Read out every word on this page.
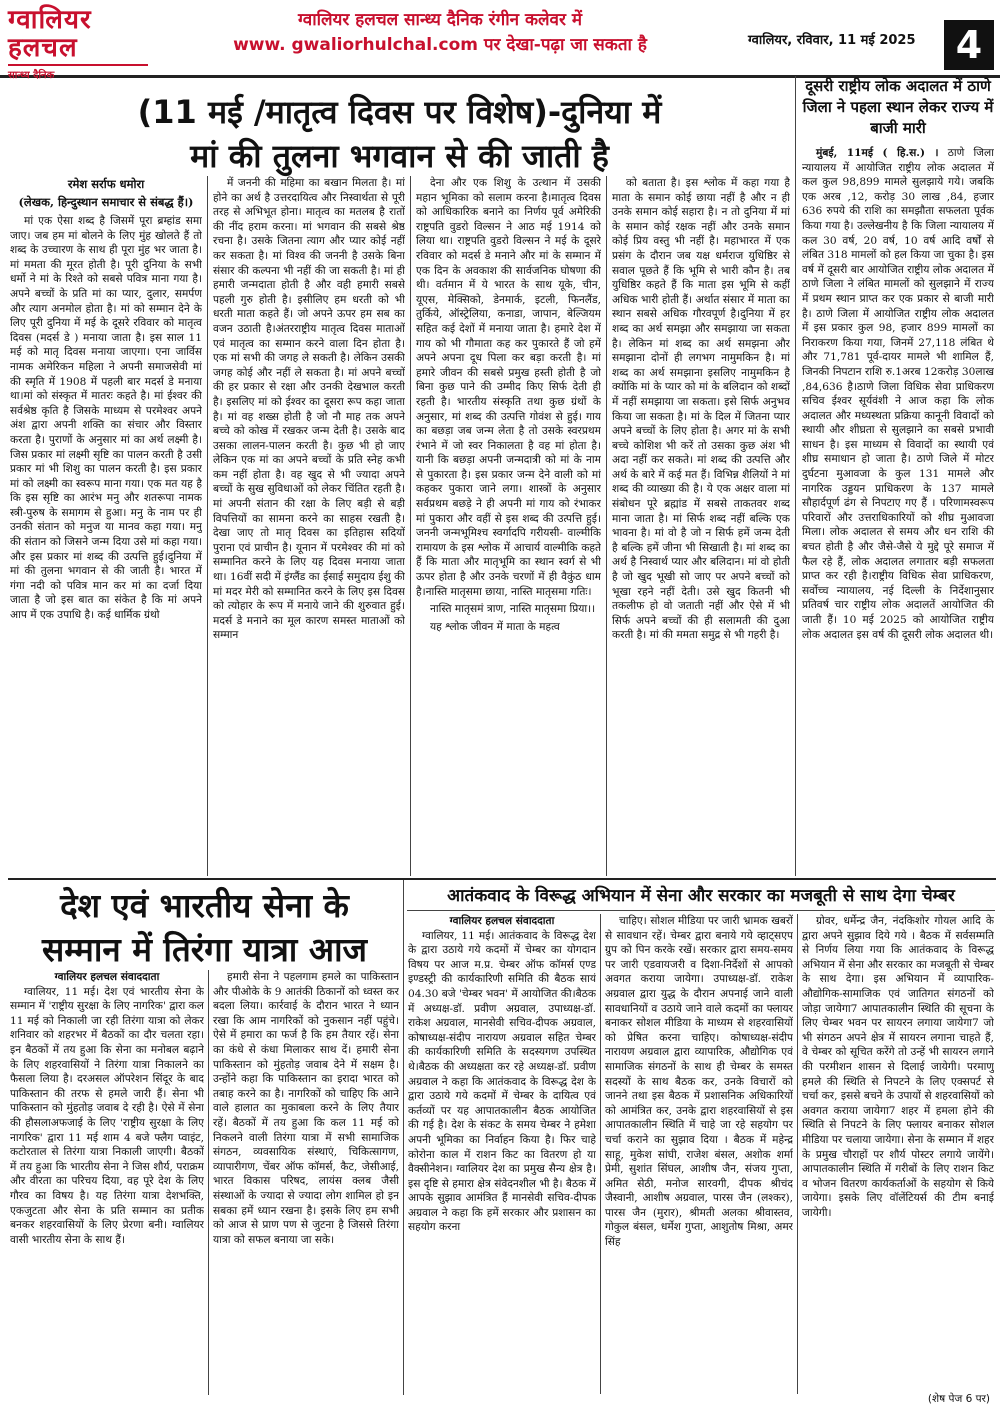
ग्वालियर
हलचल
सान्ध्य दैनिक
ग्वालियर हलचल सान्ध्य दैनिक रंगीन कलेवर में
www. gwaliorhulchal.com पर देखा-पढ़ा जा सकता है	ग्वालियर, रविवार, 11 मई 2025	4
(11 मई /मातृत्व दिवस पर विशेष)-दुनिया में
मां की तुलना भगवान से की जाती है
रमेश सर्राफ धमोरा
(लेखक, हिन्दुस्थान समाचार से संबद्ध हैं।)

मां एक ऐसा शब्द है जिसमें पूरा ब्रम्हांड समा जाए। जब हम मां बोलने के लिए मुंह खोलते हैं तो शब्द के उच्चारण के साथ ही पूरा मुंह भर जाता है। मां ममता की मूरत होती है। पूरी दुनिया के सभी धर्मो ने मां के रिश्ते को सबसे पवित्र माना गया है। अपने बच्चों के प्रति मां का प्यार, दुलार, समर्पण और त्याग अनमोल होता है। मां को सम्मान देने के लिए पूरी दुनिया में मई के दूसरे रविवार को मातृत्व दिवस (मदर्स डे ) मनाया जाता है। इस साल 11 मई को मातृ दिवस मनाया जाएगा। एना जार्विस नामक अमेरिकन महिला ने अपनी समाजसेवी मां की स्मृति में 1908 में पहली बार मदर्स डे मनाया था।मां को संस्कृत में मातरः कहते है। मां ईश्वर की सर्वश्रेष्ठ कृति है जिसके माध्यम से परमेश्वर अपने अंश द्वारा अपनी शक्ति का संचार और विस्तार करता है। पुराणों के अनुसार मां का अर्थ लक्ष्मी है। जिस प्रकार मां लक्ष्मी सृष्टि का पालन करती है उसी प्रकार मां भी शिशु का पालन करती है। इस प्रकार मां को लक्ष्मी का स्वरूप माना गया। एक मत यह है कि इस सृष्टि का आरंभ मनु और शतरूपा नामक स्त्री-पुरुष के समागम से हुआ। मनु के नाम पर ही उनकी संतान को मनुज या मानव कहा गया। मनु की संतान को जिसने जन्म दिया उसे मां कहा गया। और इस प्रकार मां शब्द की उत्पत्ति हुई।दुनिया में मां की तुलना भगवान से की जाती है। भारत में गंगा नदी को पवित्र मान कर मां का दर्जा दिया जाता है जो इस बात का संकेत है कि मां अपने आप में एक उपाधि है। कई धार्मिक ग्रंथो

में जननी की महिमा का बखान मिलता है। मां होने का अर्थ है उत्तरदायित्व और निस्वार्थता से पूरी तरह से अभिभूत होना। मातृत्व का मतलब है रातों की नींद हराम करना। मां भगवान की सबसे श्रेष्ठ रचना है। उसके जितना त्याग और प्यार कोई नहीं कर सकता है। मां विश्व की जननी है उसके बिना संसार की कल्पना भी नहीं की जा सकती है। मां ही हमारी जन्मदाता होती है और वही हमारी सबसे पहली गुरु होती है। इसीलिए हम धरती को भी धरती माता कहते हैं। जो अपने ऊपर हम सब का वजन उठाती है।अंतरराष्ट्रीय मातृत्व दिवस माताओं एवं मातृत्व का सम्मान करने वाला दिन होता है। एक मां सभी की जगह ले सकती है। लेकिन उसकी जगह कोई और नहीं ले सकता है। मां अपने बच्चों की हर प्रकार से रक्षा और उनकी देखभाल करती है। इसलिए मां को ईश्वर का दूसरा रूप कहा जाता है। मां वह शख्स होती है जो नौ माह तक अपने बच्चे को कोख में रखकर जन्म देती है। उसके बाद उसका लालन-पालन करती है। कुछ भी हो जाए लेकिन एक मां का अपने बच्चों के प्रति स्नेह कभी कम नहीं होता है। वह खुद से भी ज्यादा अपने बच्चों के सुख सुविधाओं को लेकर चिंतित रहती है। मां अपनी संतान की रक्षा के लिए बड़ी से बड़ी विपत्तियों का सामना करने का साहस रखती है।देखा जाए तो मातृ दिवस का इतिहास सदियों पुराना एवं प्राचीन है। यूनान में परमेश्वर की मां को सम्मानित करने के लिए यह दिवस मनाया जाता था। 16वीं सदी में इंग्लैंड का ईसाई समुदाय ईशु की मां मदर मेरी को सम्मानित करने के लिए इस दिवस को त्योहार के रूप में मनाये जाने की शुरुवात हुई। मदर्स डे मनाने का मूल कारण समस्त माताओं को सम्मान

देना और एक शिशु के उत्थान में उसकी महान भूमिका को सलाम करना है।मातृत्व दिवस को आधिकारिक बनाने का निर्णय पूर्व अमेरिकी राष्ट्रपति वुडरो विल्सन ने आठ मई 1914 को लिया था। राष्ट्रपति वुडरो विल्सन ने मई के दूसरे रविवार को मदर्स डे मनाने और मां के सम्मान में एक दिन के अवकाश की सार्वजनिक घोषणा की थी। वर्तमान में ये भारत के साथ यूके, चीन, यूएस, मेक्सिको, डेनमार्क, इटली, फिनलैंड, तुर्किये, ऑस्ट्रेलिया, कनाडा, जापान, बेल्जियम सहित कई देशों में मनाया जाता है। हमारे देश में गाय को भी गौमाता कह कर पुकारते हैं जो हमें अपने अपना दूध पिला कर बड़ा करती है। मां हमारे जीवन की सबसे प्रमुख हस्ती होती है जो बिना कुछ पाने की उम्मीद किए सिर्फ देती ही रहती है। भारतीय संस्कृति तथा कुछ ग्रंथों के अनुसार, मां शब्द की उत्पत्ति गोवंश से हुई। गाय का बछड़ा जब जन्म लेता है तो उसके स्वरप्रथम रंभाने में जो स्वर निकालता है वह मां होता है। यानी कि बछड़ा अपनी जन्मदात्री को मां के नाम से पुकारता है। इस प्रकार जन्म देने वाली को मां कहकर पुकारा जाने लगा। शास्त्रों के अनुसार सर्वप्रथम बछड़े ने ही अपनी मां गाय को रंभाकर मां पुकारा और वहीं से इस शब्द की उत्पत्ति हुई। जननी जन्मभूमिश्च स्वर्गादपि गरीयसी- वाल्मीकि रामायण के इस श्लोक में आचार्य वाल्मीकि कहते हैं कि माता और मातृभूमि का स्थान स्वर्ग से भी ऊपर होता है और उनके चरणों में ही वैकुंठ धाम है।नास्ति मातृसमा छाया, नास्ति मातृसमा गतिः।

नास्ति मातृसमं त्राण, नास्ति मातृसमा प्रिया।।

यह श्लोक जीवन में माता के महत्व

को बताता है। इस श्लोक में कहा गया है माता के समान कोई छाया नहीं है और न ही उनके समान कोई सहारा है। न तो दुनिया में मां के समान कोई रक्षक नहीं और उनके समान कोई प्रिय वस्तु भी नहीं है। महाभारत में एक प्रसंग के दौरान जब यक्ष धर्मराज युधिष्ठिर से सवाल पूछते हैं कि भूमि से भारी कौन है। तब युधिष्ठिर कहते हैं कि माता इस भूमि से कहीं अधिक भारी होती हैं। अर्थात संसार में माता का स्थान सबसे अधिक गौरवपूर्ण है।दुनिया में हर शब्द का अर्थ समझा और समझाया जा सकता है। लेकिन मां शब्द का अर्थ समझना और समझाना दोनों ही लगभग नामुमकिन है। मां शब्द का अर्थ समझाना इसलिए नामुमकिन है क्योंकि मां के प्यार को मां के बलिदान को शब्दों में नहीं समझाया जा सकता। इसे सिर्फ अनुभव किया जा सकता है। मां के दिल में जितना प्यार अपने बच्चों के लिए होता है। अगर मां के सभी बच्चे कोशिश भी करें तो उसका कुछ अंश भी अदा नहीं कर सकते। मां शब्द की उत्पत्ति और अर्थ के बारे में कई मत हैं। विभिन्न शैलियों ने मां शब्द की व्याख्या की है। ये एक अक्षर वाला मां संबोधन पूरे ब्रह्मांड में सबसे ताकतवर शब्द माना जाता है। मां सिर्फ शब्द नहीं बल्कि एक भावना है। मां वो है जो न सिर्फ हमें जन्म देती है बल्कि हमें जीना भी सिखाती है। मां शब्द का अर्थ है निस्वार्थ प्यार और बलिदान। मां वो होती है जो खुद भूखी सो जाए पर अपने बच्चों को भूखा रहने नहीं देती। उसे खुद कितनी भी तकलीफ हो वो जताती नहीं और ऐसे में भी सिर्फ अपने बच्चों की ही सलामती की दुआ करती है। मां की ममता समुद्र से भी गहरी है।

दूसरी राष्ट्रीय लोक अदालत में ठाणे जिला ने पहला स्थान लेकर राज्य में बाजी मारी

मुंबई, 11मई ( हि.स.) । ठाणे जिला न्यायालय में आयोजित राष्ट्रीय लोक अदालत में कल कुल 98,899 मामले सुलझाये गये। जबकि एक अरब ,12, करोड़ 30 लाख ,84, हजार 636 रुपये की राशि का समझौता सफलता पूर्वक किया गया है। उल्लेखनीय है कि जिला न्यायालय में कल 30 वर्ष, 20 वर्ष, 10 वर्ष आदि वर्षों से लंबित 318 मामलों को हल किया जा चुका है। इस वर्ष में दूसरी बार आयोजित राष्ट्रीय लोक अदालत में ठाणे जिला ने लंबित मामलों को सुलझाने में राज्य में प्रथम स्थान प्राप्त कर एक प्रकार से बाजी मारी है। ठाणे जिला में आयोजित राष्ट्रीय लोक अदालत में इस प्रकार कुल 98, हजार 899 मामलों का निराकरण किया गया, जिनमें 27,118 लंबित थे और 71,781 पूर्व-दायर मामले भी शामिल हैं, जिनकी निपटान राशि रु.1अरब 12करोड़ 30लाख ,84,636 है।ठाणे जिला विधिक सेवा प्राधिकरण सचिव ईश्वर सूर्यवंशी ने आज कहा कि लोक अदालत और मध्यस्थता प्रक्रिया कानूनी विवादों को स्थायी और शीघ्रता से सुलझाने का सबसे प्रभावी साधन है। इस माध्यम से विवादों का स्थायी एवं शीघ्र समाधान हो जाता है। ठाणे जिले में मोटर दुर्घटना मुआवजा के कुल 131 मामले और नागरिक उड्डयन प्राधिकरण के 137 मामले सौहार्दपूर्ण ढंग से निपटाए गए हैं । परिणामस्वरूप परिवारों और उत्तराधिकारियों को शीघ्र मुआवजा मिला। लोक अदालत से समय और धन राशि की बचत होती है और जैसे-जैसे ये मुद्दे पूरे समाज में फैल रहे हैं, लोक अदालत लगातार बड़ी सफलता प्राप्त कर रही है।राष्ट्रीय विधिक सेवा प्राधिकरण, सर्वोच्च न्यायालय, नई दिल्ली के निर्देशानुसार प्रतिवर्ष चार राष्ट्रीय लोक अदालतें आयोजित की जाती हैं। 10 मई 2025 को आयोजित राष्ट्रीय लोक अदालत इस वर्ष की दूसरी लोक अदालत थी।

देश एवं भारतीय सेना के
सम्मान में तिरंगा यात्रा आज
ग्वालियर हलचल संवाददाता

ग्वालियर, 11 मई। देश एवं भारतीय सेना के सम्मान में 'राष्ट्रीय सुरक्षा के लिए नागरिक' द्वारा कल 11 मई को निकाली जा रही तिरंगा यात्रा को लेकर शनिवार को शहरभर में बैठकों का दौर चलता रहा। इन बैठकों में तय हुआ कि सेना का मनोबल बढ़ाने के लिए शहरवासियों ने तिरंगा यात्रा निकालने का फैसला लिया है। दरअसल ऑपरेशन सिंदूर के बाद पाकिस्तान की तरफ से हमले जारी हैं। सेना भी पाकिस्तान को मुंहतोड़ जवाब दे रही है। ऐसे में सेना की हौसलाअफजाई के लिए 'राष्ट्रीय सुरक्षा के लिए नागरिक' द्वारा 11 मई शाम 4 बजे फ्लैग प्वाइंट, कटोरताल से तिरंगा यात्रा निकाली जाएगी। बैठकों में तय हुआ कि भारतीय सेना ने जिस शौर्य, पराक्रम और वीरता का परिचय दिया, वह पूरे देश के लिए गौरव का विषय है। यह तिरंगा यात्रा देशभक्ति, एकजुटता और सेना के प्रति सम्मान का प्रतीक बनकर शहरवासियों के लिए प्रेरणा बनी। ग्वालियर वासी भारतीय सेना के साथ हैं।

हमारी सेना ने पहलगाम हमले का पाकिस्तान और पीओके के 9 आतंकी ठिकानों को ध्वस्त कर बदला लिया। कार्रवाई के दौरान भारत ने ध्यान रखा कि आम नागरिकों को नुकसान नहीं पहुंचे। ऐसे में हमारा का फर्ज है कि हम तैयार रहें। सेना का कंधे से कंधा मिलाकर साथ दें। हमारी सेना पाकिस्तान को मुंहतोड़ जवाब देने में सक्षम है। उन्होंने कहा कि पाकिस्तान का इरादा भारत को तबाह करने का है। नागरिकों को चाहिए कि आने वाले हालात का मुकाबला करने के लिए तैयार रहें। बैठकों में तय हुआ कि कल 11 मई को निकलने वाली तिरंगा यात्रा में सभी सामाजिक संगठन, व्यवसायिक संस्थाएं, चिकित्सागण, व्यापारीगण, चेंबर ऑफ कॉमर्स, कैट, जेसीआई, भारत विकास परिषद, लायंस क्लब जैसी संस्थाओं के ज्यादा से ज्यादा लोग शामिल हो इन सबका हमें ध्यान रखना है। इसके लिए हम सभी को आज से प्राण पण से जुटना है जिससे तिरंगा यात्रा को सफल बनाया जा सके।

आतंकवाद के विरूद्ध अभियान में सेना और सरकार का मजबूती से साथ देगा चेम्बर
ग्वालियर हलचल संवाददाता

ग्वालियर, 11 मई। आतंकवाद के विरूद्ध देश के द्वारा उठाये गये कदमों में चेम्बर का योगदान विषय पर आज म.प्र. चेम्बर ऑफ कॉमर्स एण्ड इण्डस्ट्री की कार्यकारिणी समिति की बैठक सायं 04.30 बजे 'चेम्बर भवन' में आयोजित की।बैठक में अध्यक्ष-डॉ. प्रवीण अग्रवाल, उपाध्यक्ष-डॉ. राकेश अग्रवाल, मानसेवी सचिव-दीपक अग्रवाल, कोषाध्यक्ष-संदीप नारायण अग्रवाल सहित चेम्बर की कार्यकारिणी समिति के सदस्यगण उपस्थित थे।बैठक की अध्यक्षता कर रहे अध्यक्ष-डॉ. प्रवीण अग्रवाल ने कहा कि आतंकवाद के विरूद्ध देश के द्वारा उठाये गये कदमों में चेम्बर के दायित्व एवं कर्तव्यों पर यह आपातकालीन बैठक आयोजित की गई है। देश के संकट के समय चेम्बर ने हमेशा अपनी भूमिका का निर्वाहन किया है। फिर चाहे कोरोना काल में राशन किट का वितरण हो या वैक्सीनेशन। ग्वालियर देश का प्रमुख सैन्य क्षेत्र है। इस दृष्टि से हमारा क्षेत्र संवेदनशील भी है। बैठक में आपके सुझाव आमंत्रित हैं मानसेवी सचिव-दीपक अग्रवाल ने कहा कि हमें सरकार और प्रशासन का सहयोग करना

चाहिए। सोशल मीडिया पर जारी भ्रामक खबरों से सावधान रहें। चेम्बर द्वारा बनाये गये व्हाट्सएप ग्रुप को पिन करके रखें। सरकार द्वारा समय-समय पर जारी एडवायजरी व दिशा-निर्देशों से आपको अवगत कराया जायेगा। उपाध्यक्ष-डॉ. राकेश अग्रवाल द्वारा युद्ध के दौरान अपनाई जाने वाली सावधानियों व उठाये जाने वाले कदमों का फ्लायर बनाकर सोशल मीडिया के माध्यम से शहरवासियों को प्रेषित करना चाहिए। कोषाध्यक्ष-संदीप नारायण अग्रवाल द्वारा व्यापारिक, औद्योगिक एवं सामाजिक संगठनों के साथ ही चेम्बर के समस्त सदस्यों के साथ बैठक कर, उनके विचारों को जानने तथा इस बैठक में प्रशासनिक अधिकारियों को आमंत्रित कर, उनके द्वारा शहरवासियों से इस आपातकालीन स्थिति में चाहे जा रहे सहयोग पर चर्चा कराने का सुझाव दिया । बैठक में महेन्द्र साहू, मुकेश सांघी, राजेश बंसल, अशोक शर्मा प्रेमी, सुशांत सिंघल, आशीष जैन, संजय गुप्ता, अमित सेठी, मनोज सारवगी, दीपक श्रीचंद जैस्वानी, आशीष अग्रवाल, पारस जैन (लश्कर), पारस जैन (मुरार), श्रीमती अलका श्रीवास्तव, गोकुल बंसल, धर्मेश गुप्ता, आशुतोष मिश्रा, अमर सिंह

ग्रोवर, धर्मेन्द्र जैन, नंदकिशोर गोयल आदि के द्वारा अपने सुझाव दिये गये । बैठक में सर्वसम्मति से निर्णय लिया गया कि आतंकवाद के विरूद्ध अभियान में सेना और सरकार का मजबूती से चेम्बर के साथ देगा। इस अभियान में व्यापारिक-औद्योगिक-सामाजिक एवं जातिगत संगठनों को जोड़ा जायेगा7 आपातकालीन स्थिति की सूचना के लिए चेम्बर भवन पर सायरन लगाया जायेगा7 जो भी संगठन अपने क्षेत्र में सायरन लगाना चाहते हैं, वे चेम्बर को सूचित करेंगे तो उन्हें भी सायरन लगाने की परमीशन शासन से दिलाई जायेगी। परमाणु हमले की स्थिति से निपटने के लिए एक्सपर्ट से चर्चा कर, इससे बचने के उपायों से शहरवासियों को अवगत कराया जायेगा7 शहर में हमला होने की स्थिति से निपटने के लिए फ्लायर बनाकर सोशल मीडिया पर चलाया जायेगा। सेना के सम्मान में शहर के प्रमुख चौराहों पर शौर्य पोस्टर लगाये जायेंगे। आपातकालीन स्थिति में गरीबों के लिए राशन किट व भोजन वितरण कार्यकर्ताओं के सहयोग से किये जायेगा। इसके लिए वॉलेंटियर्स की टीम बनाई जायेगी।

(शेष पेज 6 पर)
